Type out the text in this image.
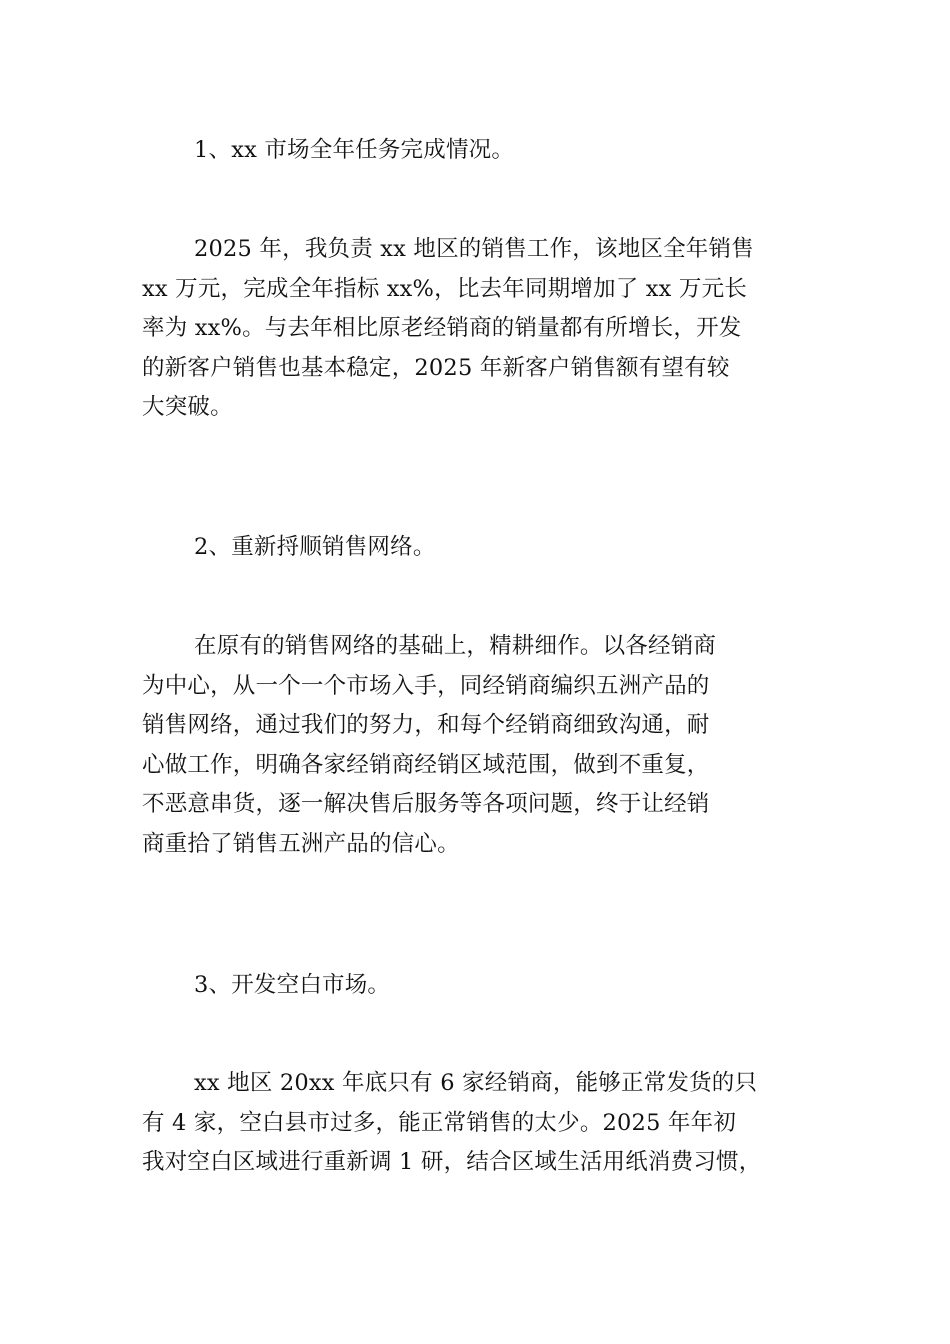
1、xx 市场全年任务完成情况。
2025 年，我负责 xx 地区的销售工作，该地区全年销售
xx 万元，完成全年指标 xx%，比去年同期增加了 xx 万元长
率为 xx%。与去年相比原老经销商的销量都有所增长，开发
的新客户销售也基本稳定，2025 年新客户销售额有望有较
大突破。
2、重新捋顺销售网络。
在原有的销售网络的基础上，精耕细作。以各经销商
为中心，从一个一个市场入手，同经销商编织五洲产品的
销售网络，通过我们的努力，和每个经销商细致沟通，耐
心做工作，明确各家经销商经销区域范围，做到不重复，
不恶意串货，逐一解决售后服务等各项问题，终于让经销
商重拾了销售五洲产品的信心。
3、开发空白市场。
xx 地区 20xx 年底只有 6 家经销商，能够正常发货的只
有 4 家，空白县市过多，能正常销售的太少。2025 年年初
我对空白区域进行重新调 1 研，结合区域生活用纸消费习惯，
